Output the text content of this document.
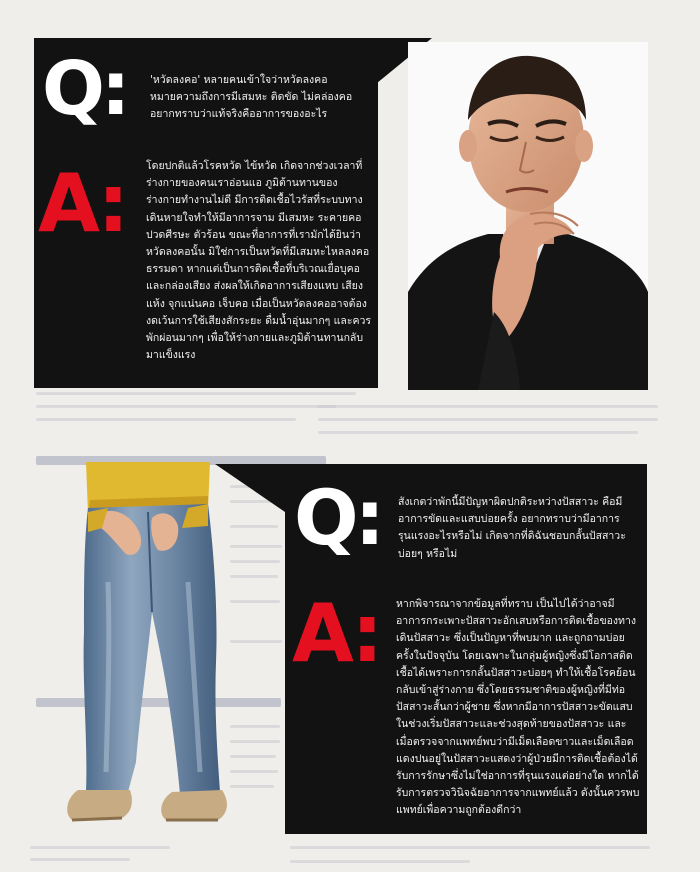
Q: 'หวัดลงคอ' หลายคนเข้าใจว่าหวัดลงคอหมายความถึงการมีเสมหะ ติดขัด ไม่คล่องคอ อยากทราบว่าแท้จริงคืออาการของอะไร
A: โดยปกติแล้วโรคหวัด ไข้หวัด เกิดจากช่วงเวลาที่ร่างกายของคนเราอ่อนแอ ภูมิต้านทานของร่างกายทำงานไม่ดี มีการติดเชื้อไวรัสที่ระบบทางเดินหายใจทำให้มีอาการจาม มีเสมหะ ระคายคอ ปวดศีรษะ ตัวร้อน ขณะที่อาการที่เรามักได้ยินว่าหวัดลงคอนั้น มิใช่การเป็นหวัดที่มีเสมหะไหลลงคอธรรมดา หากแต่เป็นการติดเชื้อที่บริเวณเยื่อบุคอ และกล่องเสียง ส่งผลให้เกิดอาการเสียงแหบ เสียงแห้ง จุกแน่นคอ เจ็บคอ เมื่อเป็นหวัดลงคออาจต้องงดเว้นการใช้เสียงสักระยะ ดื่มน้ำอุ่นมากๆ และควรพักผ่อนมากๆ เพื่อให้ร่างกายและภูมิต้านทานกลับมาแข็งแรง
Q: สังเกตว่าพักนี้มีปัญหาผิดปกติระหว่างปัสสาวะ คือมีอาการขัดและแสบบ่อยครั้ง อยากทราบว่ามีอาการรุนแรงอะไรหรือไม่ เกิดจากที่ดิฉันชอบกลั้นปัสสาวะบ่อยๆ หรือไม่
A: หากพิจารณาจากข้อมูลที่ทราบ เป็นไปได้ว่าอาจมีอาการกระเพาะปัสสาวะอักเสบหรือการติดเชื้อของทางเดินปัสสาวะ ซึ่งเป็นปัญหาที่พบมาก และถูกถามบ่อยครั้งในปัจจุบัน โดยเฉพาะในกลุ่มผู้หญิงซึ่งมีโอกาสติดเชื้อได้เพราะการกลั้นปัสสาวะบ่อยๆ ทำให้เชื้อโรคย้อนกลับเข้าสู่ร่างกาย ซึ่งโดยธรรมชาติของผู้หญิงที่มีท่อปัสสาวะสั้นกว่าผู้ชาย ซึ่งหากมีอาการปัสสาวะขัดแสบในช่วงเริ่มปัสสาวะและช่วงสุดท้ายของปัสสาวะ และเมื่อตรวจจากแพทย์พบว่ามีเม็ดเลือดขาวและเม็ดเลือดแดงปนอยู่ในปัสสาวะแสดงว่าผู้ป่วยมีการติดเชื้อต้องได้รับการรักษาซึ่งไม่ใช่อาการที่รุนแรงแต่อย่างใด หากได้รับการตรวจวินิจฉัยอาการจากแพทย์แล้ว ดังนั้นควรพบแพทย์เพื่อความถูกต้องดีกว่า
